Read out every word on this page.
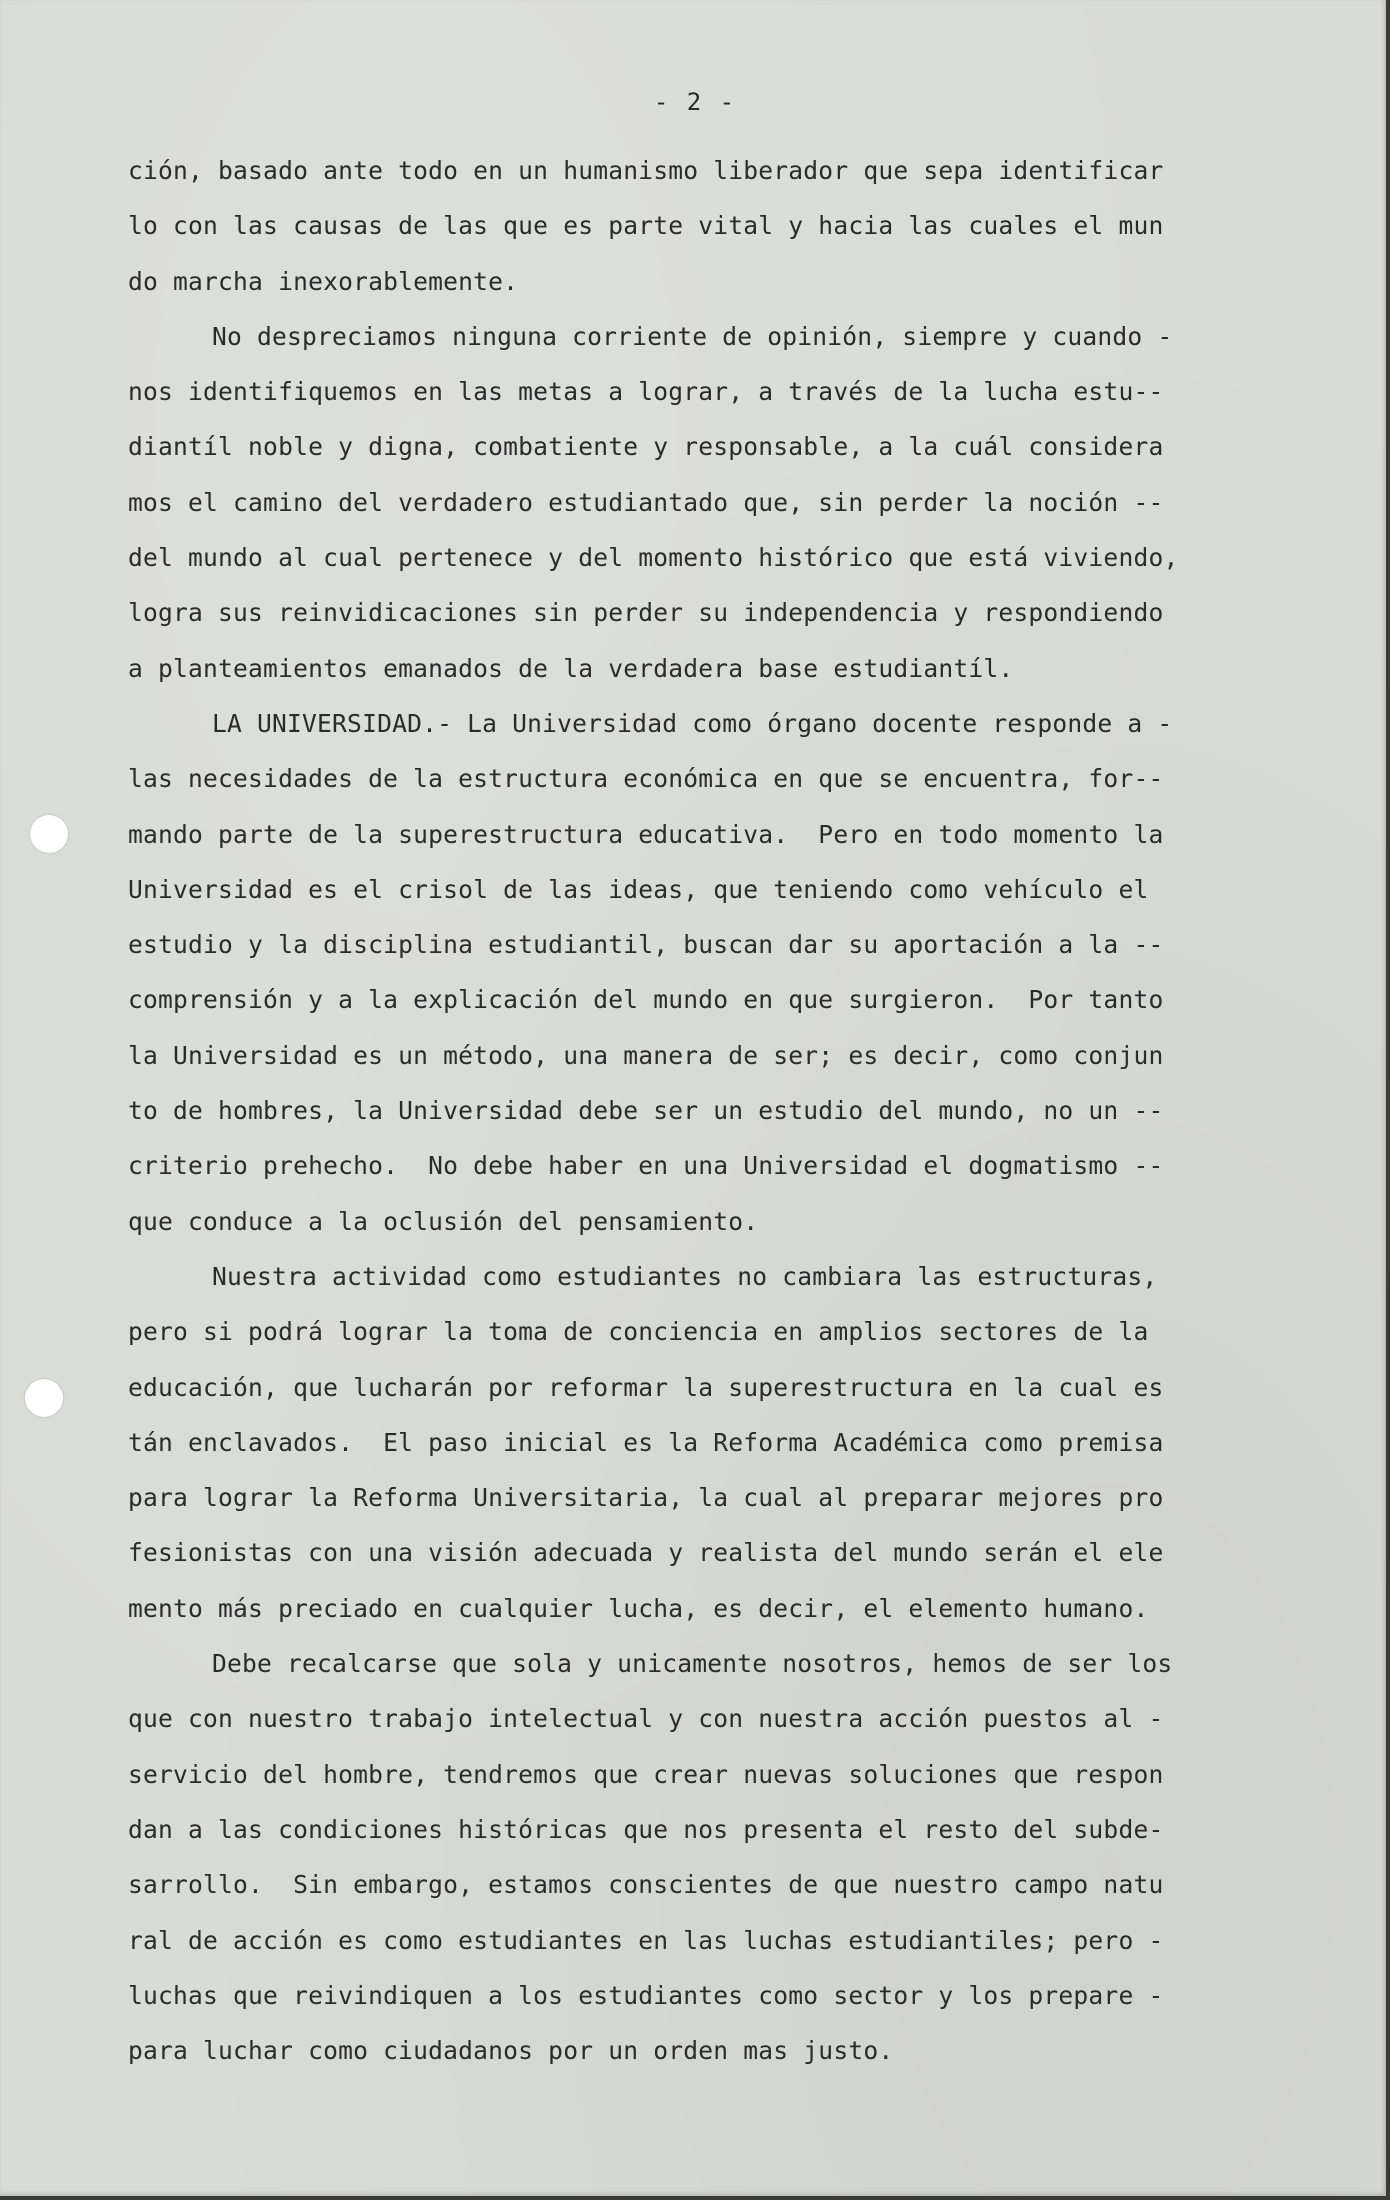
- 2 -
ción, basado ante todo en un humanismo liberador que sepa identificar
lo con las causas de las que es parte vital y hacia las cuales el mun
do marcha inexorablemente.
No despreciamos ninguna corriente de opinión, siempre y cuando -
nos identifiquemos en las metas a lograr, a través de la lucha estu--
diantíl noble y digna, combatiente y responsable, a la cuál considera
mos el camino del verdadero estudiantado que, sin perder la noción --
del mundo al cual pertenece y del momento histórico que está viviendo,
logra sus reinvidicaciones sin perder su independencia y respondiendo
a planteamientos emanados de la verdadera base estudiantíl.
LA UNIVERSIDAD.- La Universidad como órgano docente responde a -
las necesidades de la estructura económica en que se encuentra, for--
mando parte de la superestructura educativa.  Pero en todo momento la
Universidad es el crisol de las ideas, que teniendo como vehículo el
estudio y la disciplina estudiantil, buscan dar su aportación a la --
comprensión y a la explicación del mundo en que surgieron.  Por tanto
la Universidad es un método, una manera de ser; es decir, como conjun
to de hombres, la Universidad debe ser un estudio del mundo, no un --
criterio prehecho.  No debe haber en una Universidad el dogmatismo --
que conduce a la oclusión del pensamiento.
Nuestra actividad como estudiantes no cambiara las estructuras,
pero si podrá lograr la toma de conciencia en amplios sectores de la
educación, que lucharán por reformar la superestructura en la cual es
tán enclavados.  El paso inicial es la Reforma Académica como premisa
para lograr la Reforma Universitaria, la cual al preparar mejores pro
fesionistas con una visión adecuada y realista del mundo serán el ele
mento más preciado en cualquier lucha, es decir, el elemento humano.
Debe recalcarse que sola y unicamente nosotros, hemos de ser los
que con nuestro trabajo intelectual y con nuestra acción puestos al -
servicio del hombre, tendremos que crear nuevas soluciones que respon
dan a las condiciones históricas que nos presenta el resto del subde-
sarrollo.  Sin embargo, estamos conscientes de que nuestro campo natu
ral de acción es como estudiantes en las luchas estudiantiles; pero -
luchas que reivindiquen a los estudiantes como sector y los prepare -
para luchar como ciudadanos por un orden mas justo.
